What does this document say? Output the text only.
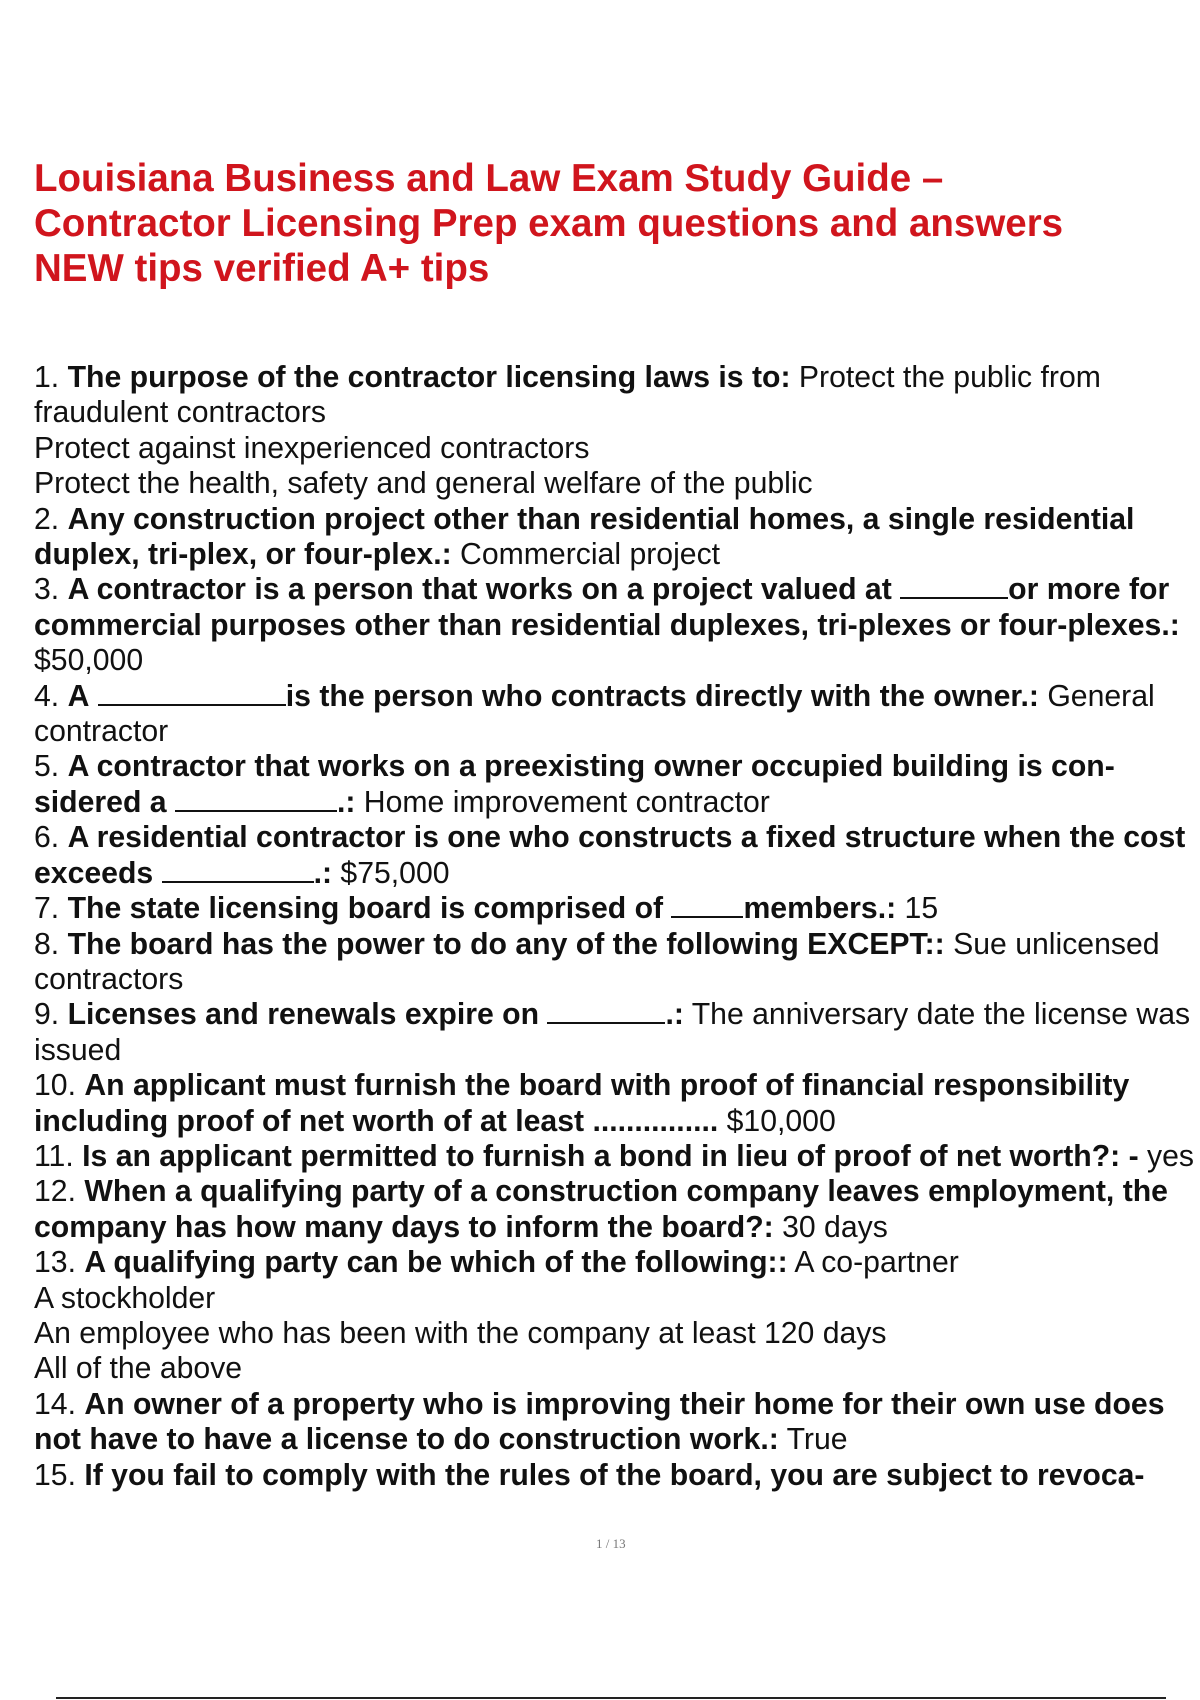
Louisiana Business and Law Exam Study Guide –
Contractor Licensing Prep exam questions and answers
NEW tips verified A+ tips
1. The purpose of the contractor licensing laws is to: Protect the public from fraudulent contractors
Protect against inexperienced contractors
Protect the health, safety and general welfare of the public
2. Any construction project other than residential homes, a single residential duplex, tri-plex, or four-plex.: Commercial project
3. A contractor is a person that works on a project valued at	or more for commercial purposes other than residential duplexes, tri-plexes or four-plexes.: $50,000
4. A	is the person who contracts directly with the owner.: General contractor
5. A contractor that works on a preexisting owner occupied building is con- sidered a	.: Home improvement contractor
6. A residential contractor is one who constructs a fixed structure when the cost exceeds	.: $75,000
7. The state licensing board is comprised of	members.: 15
8. The board has the power to do any of the following EXCEPT:: Sue unlicensed contractors
9. Licenses and renewals expire on	.: The anniversary date the license was issued
10. An applicant must furnish the board with proof of financial responsibility including proof of net worth of at least ............... $10,000
11. Is an applicant permitted to furnish a bond in lieu of proof of net worth?: - yes
12. When a qualifying party of a construction company leaves employment, the company has how many days to inform the board?: 30 days
13. A qualifying party can be which of the following:: A co-partner
A stockholder
An employee who has been with the company at least 120 days
All of the above
14. An owner of a property who is improving their home for their own use does not have to have a license to do construction work.: True
15. If you fail to comply with the rules of the board, you are subject to revoca-
1 / 13
